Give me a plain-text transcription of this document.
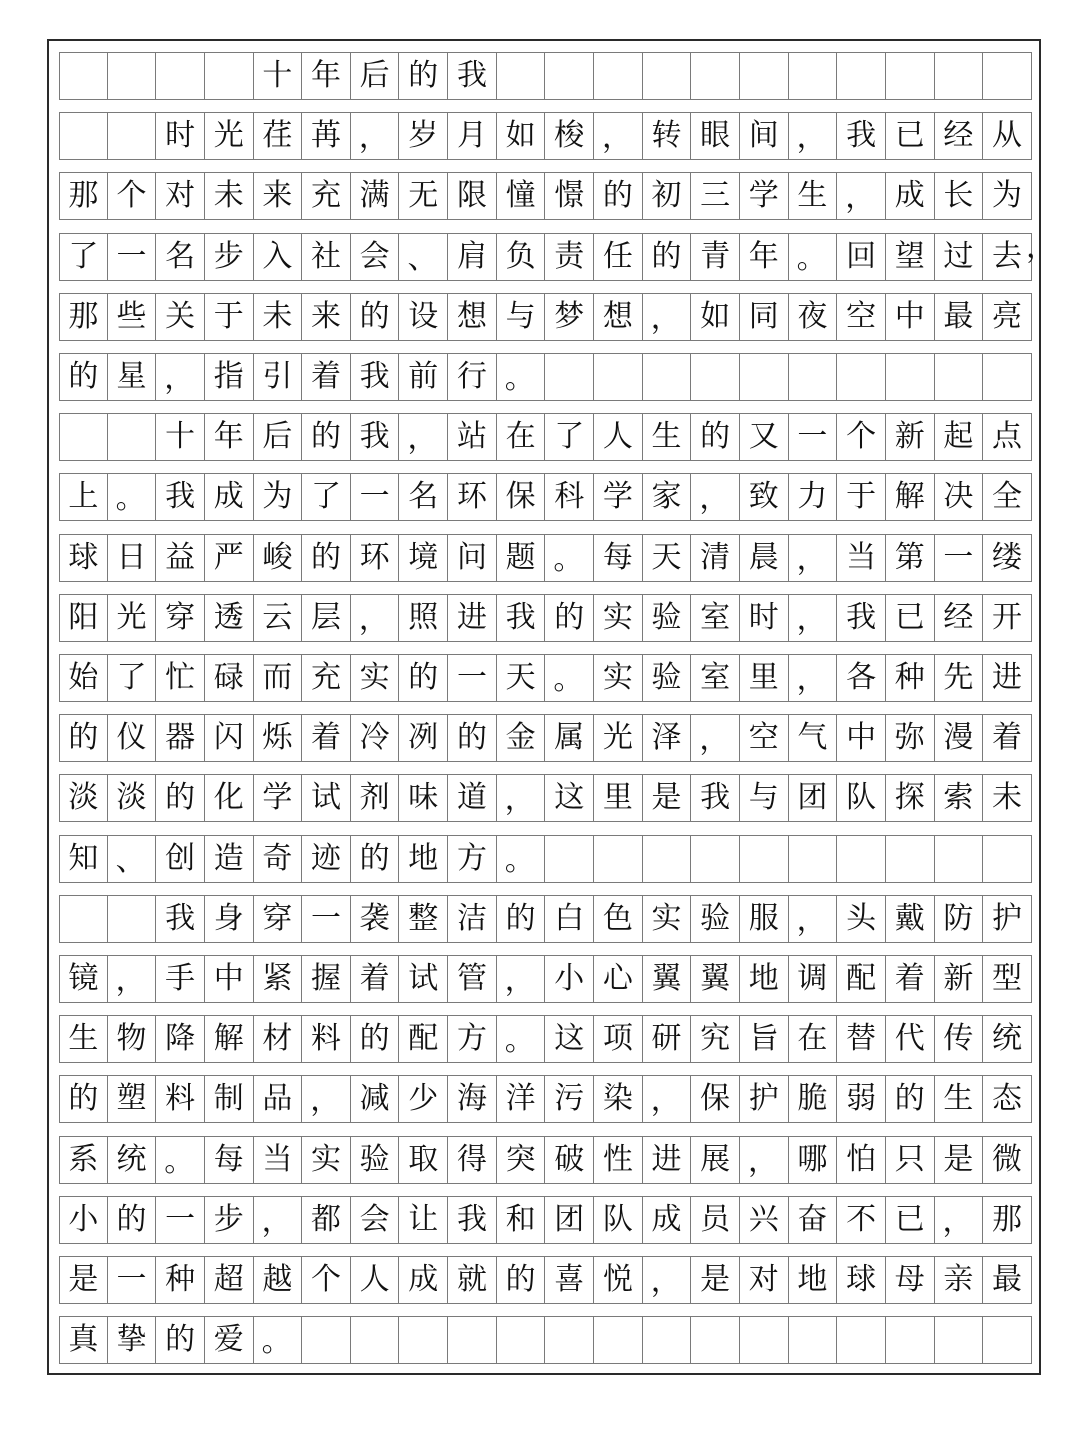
十 年 后 的 我
时 光 荏 苒 ， 岁 月 如 梭 ， 转 眼 间 ， 我 已 经 从
那 个 对 未 来 充 满 无 限 憧 憬 的 初 三 学 生 ， 成 长 为
了 一 名 步 入 社 会 、 肩 负 责 任 的 青 年 。 回 望 过 去
那 些 关 于 未 来 的 设 想 与 梦 想 ， 如 同 夜 空 中 最 亮
的 星 ， 指 引 着 我 前 行 。
十 年 后 的 我 ， 站 在 了 人 生 的 又 一 个 新 起 点
上 。 我 成 为 了 一 名 环 保 科 学 家 ， 致 力 于 解 决 全
球 日 益 严 峻 的 环 境 问 题 。 每 天 清 晨 ， 当 第 一 缕
阳 光 穿 透 云 层 ， 照 进 我 的 实 验 室 时 ， 我 已 经 开
始 了 忙 碌 而 充 实 的 一 天 。 实 验 室 里 ， 各 种 先 进
的 仪 器 闪 烁 着 冷 冽 的 金 属 光 泽 ， 空 气 中 弥 漫 着
淡 淡 的 化 学 试 剂 味 道 ， 这 里 是 我 与 团 队 探 索 未
知 、 创 造 奇 迹 的 地 方 。
我 身 穿 一 袭 整 洁 的 白 色 实 验 服 ， 头 戴 防 护
镜 ， 手 中 紧 握 着 试 管 ， 小 心 翼 翼 地 调 配 着 新 型
生 物 降 解 材 料 的 配 方 。 这 项 研 究 旨 在 替 代 传 统
的 塑 料 制 品 ， 减 少 海 洋 污 染 ， 保 护 脆 弱 的 生 态
系 统 。 每 当 实 验 取 得 突 破 性 进 展 ， 哪 怕 只 是 微
小 的 一 步 ， 都 会 让 我 和 团 队 成 员 兴 奋 不 已 ， 那
是 一 种 超 越 个 人 成 就 的 喜 悦 ， 是 对 地 球 母 亲 最
真 挚 的 爱 。
，
